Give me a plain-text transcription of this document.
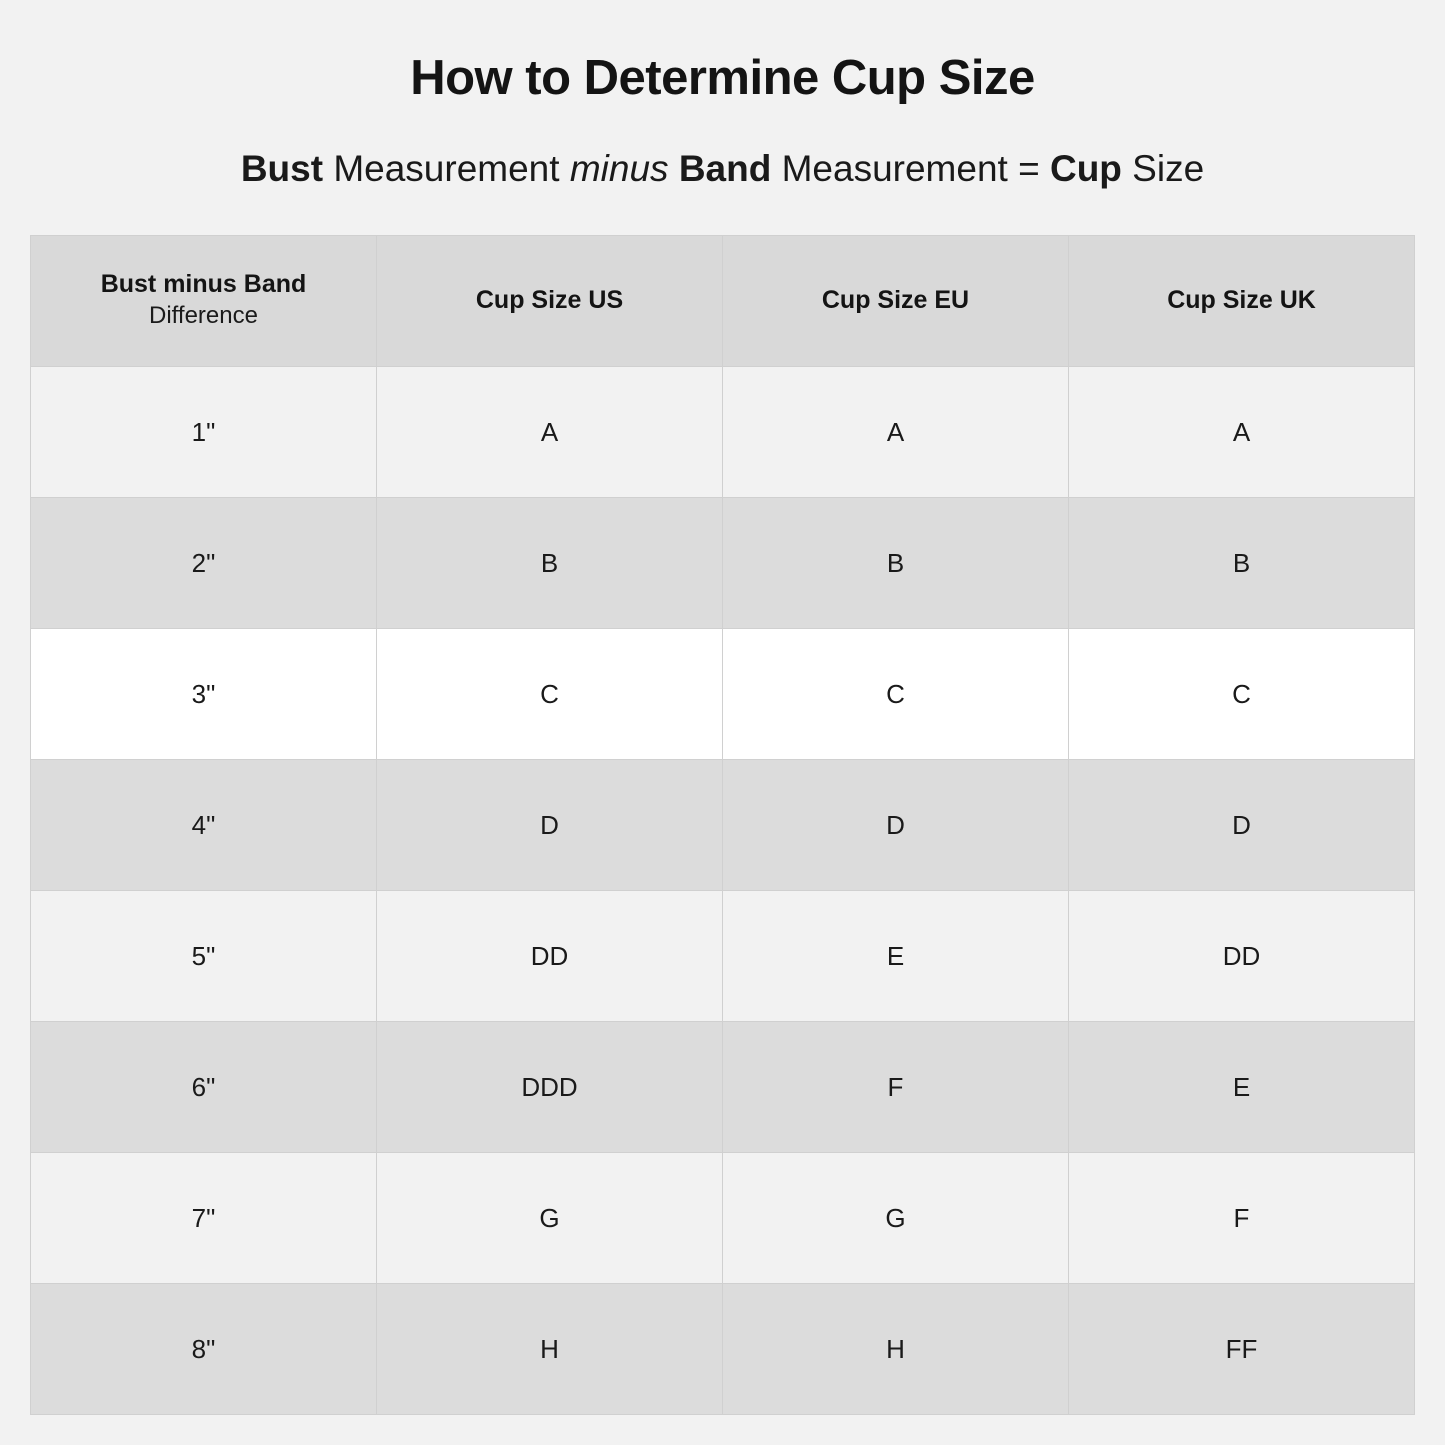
How to Determine Cup Size
Bust Measurement minus Band Measurement = Cup Size
Bust minus Band
Difference	Cup Size US	Cup Size EU	Cup Size UK

1"	A	A	A
2"	B	B	B
3"	C	C	C
4"	D	D	D
5"	DD	E	DD
6"	DDD	F	E
7"	G	G	F
8"	H	H	FF
